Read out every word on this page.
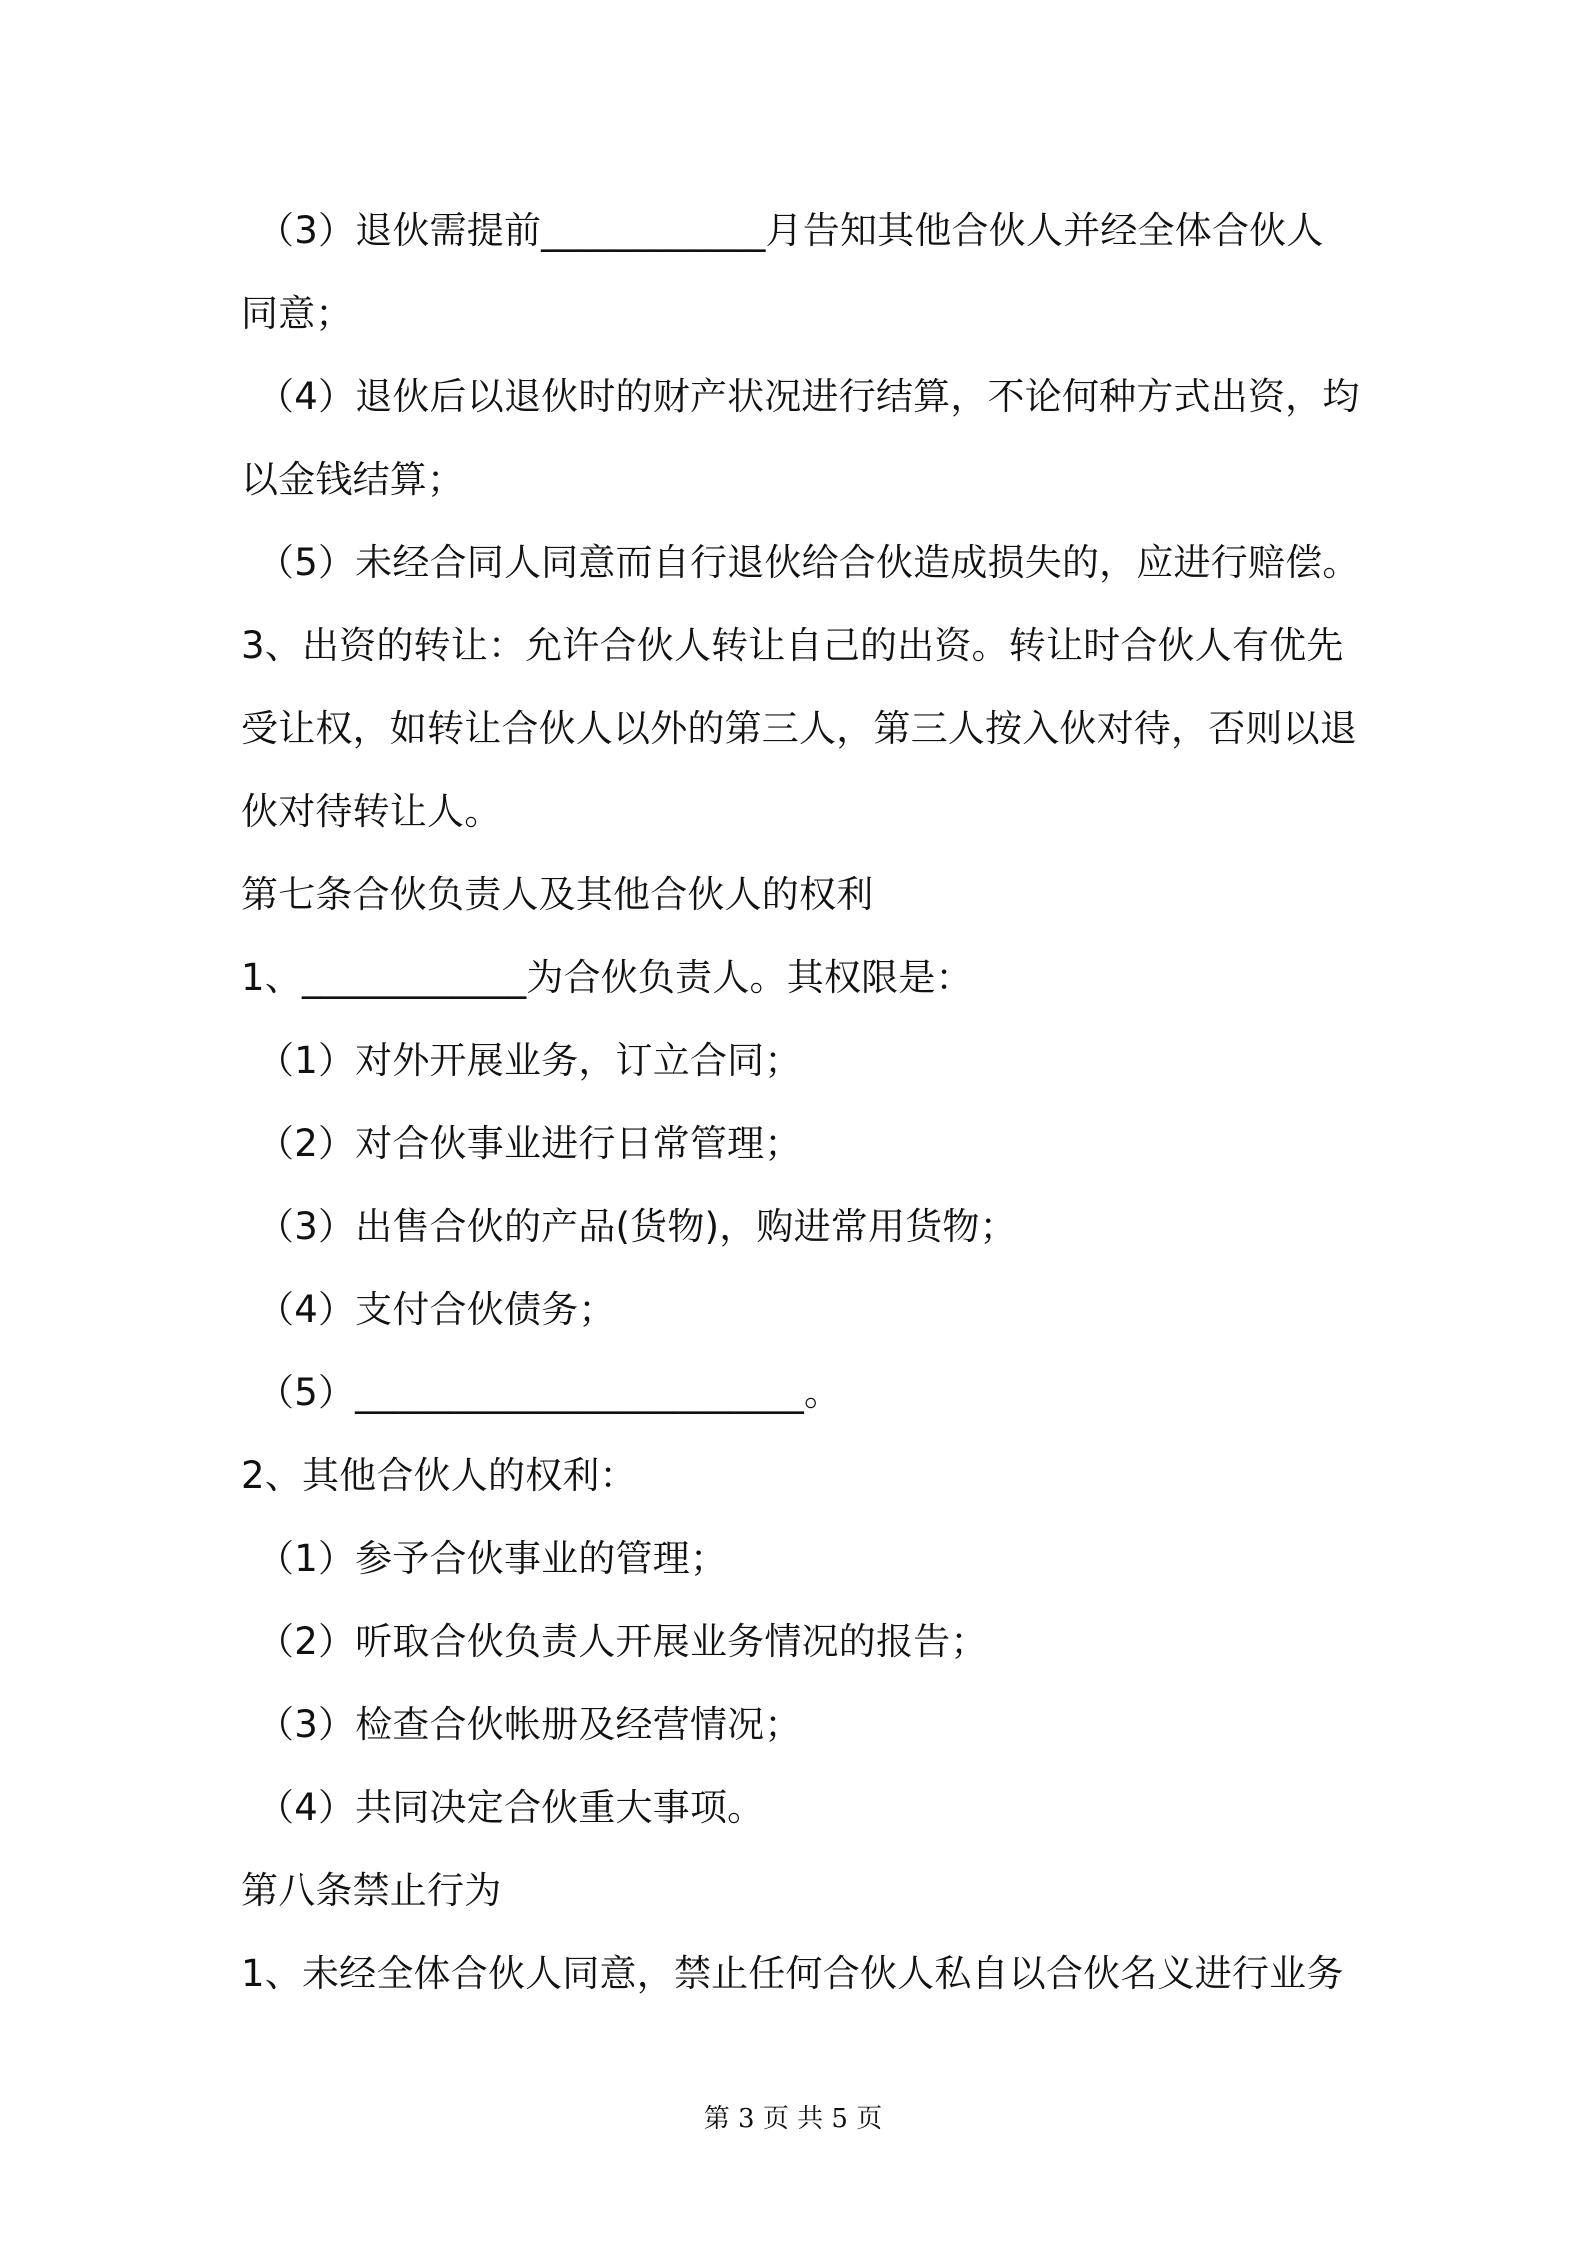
（3）退伙需提前____________月告知其他合伙人并经全体合伙人
同意；
（4）退伙后以退伙时的财产状况进行结算，不论何种方式出资，均
以金钱结算；
（5）未经合同人同意而自行退伙给合伙造成损失的，应进行赔偿。
3、出资的转让：允许合伙人转让自己的出资。转让时合伙人有优先
受让权，如转让合伙人以外的第三人，第三人按入伙对待，否则以退
伙对待转让人。
第七条合伙负责人及其他合伙人的权利
1、____________为合伙负责人。其权限是：
（1）对外开展业务，订立合同；
（2）对合伙事业进行日常管理；
（3）出售合伙的产品(货物)，购进常用货物；
（4）支付合伙债务；
（5）________________________。
2、其他合伙人的权利：
（1）参予合伙事业的管理；
（2）听取合伙负责人开展业务情况的报告；
（3）检查合伙帐册及经营情况；
（4）共同决定合伙重大事项。
第八条禁止行为
1、未经全体合伙人同意，禁止任何合伙人私自以合伙名义进行业务
第 3 页 共 5 页
